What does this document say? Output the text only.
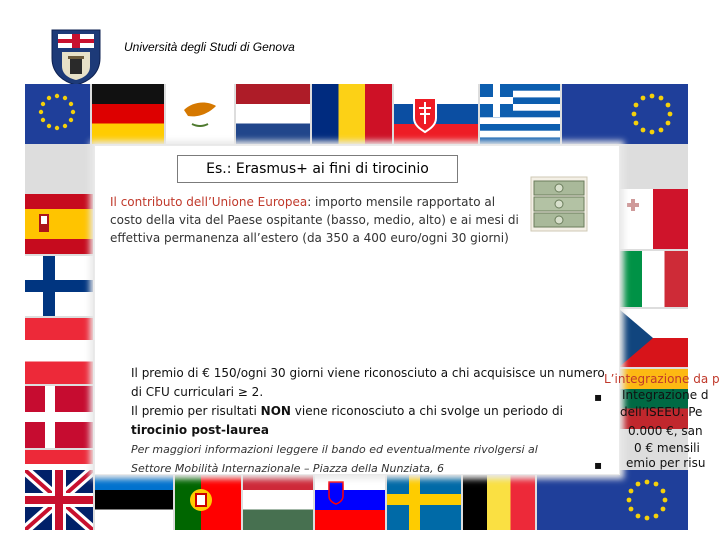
Università degli Studi di Genova
Es.: Erasmus+ ai fini di tirocinio
Il contributo dell’Unione Europea: importo mensile rapportato al costo della vita del Paese ospitante (basso, medio, alto) e ai mesi di effettiva permanenza all’estero (da 350 a 400 euro/ogni 30 giorni)
Il premio di € 150/ogni 30 giorni viene riconosciuto a chi acquisisce un numero di CFU curriculari ≥ 2.
Il premio per risultati NON viene riconosciuto a chi svolge un periodo di
tirocinio post-laurea
Per maggiori informazioni leggere il bando ed eventualmente rivolgersi al
Settore Mobilità Internazionale – Piazza della Nunziata, 6
L’integrazione da p
▪ Integrazione d
dell’ISEEU. Pe
0.000 €, san
0 € mensili
▪ emio per risu
